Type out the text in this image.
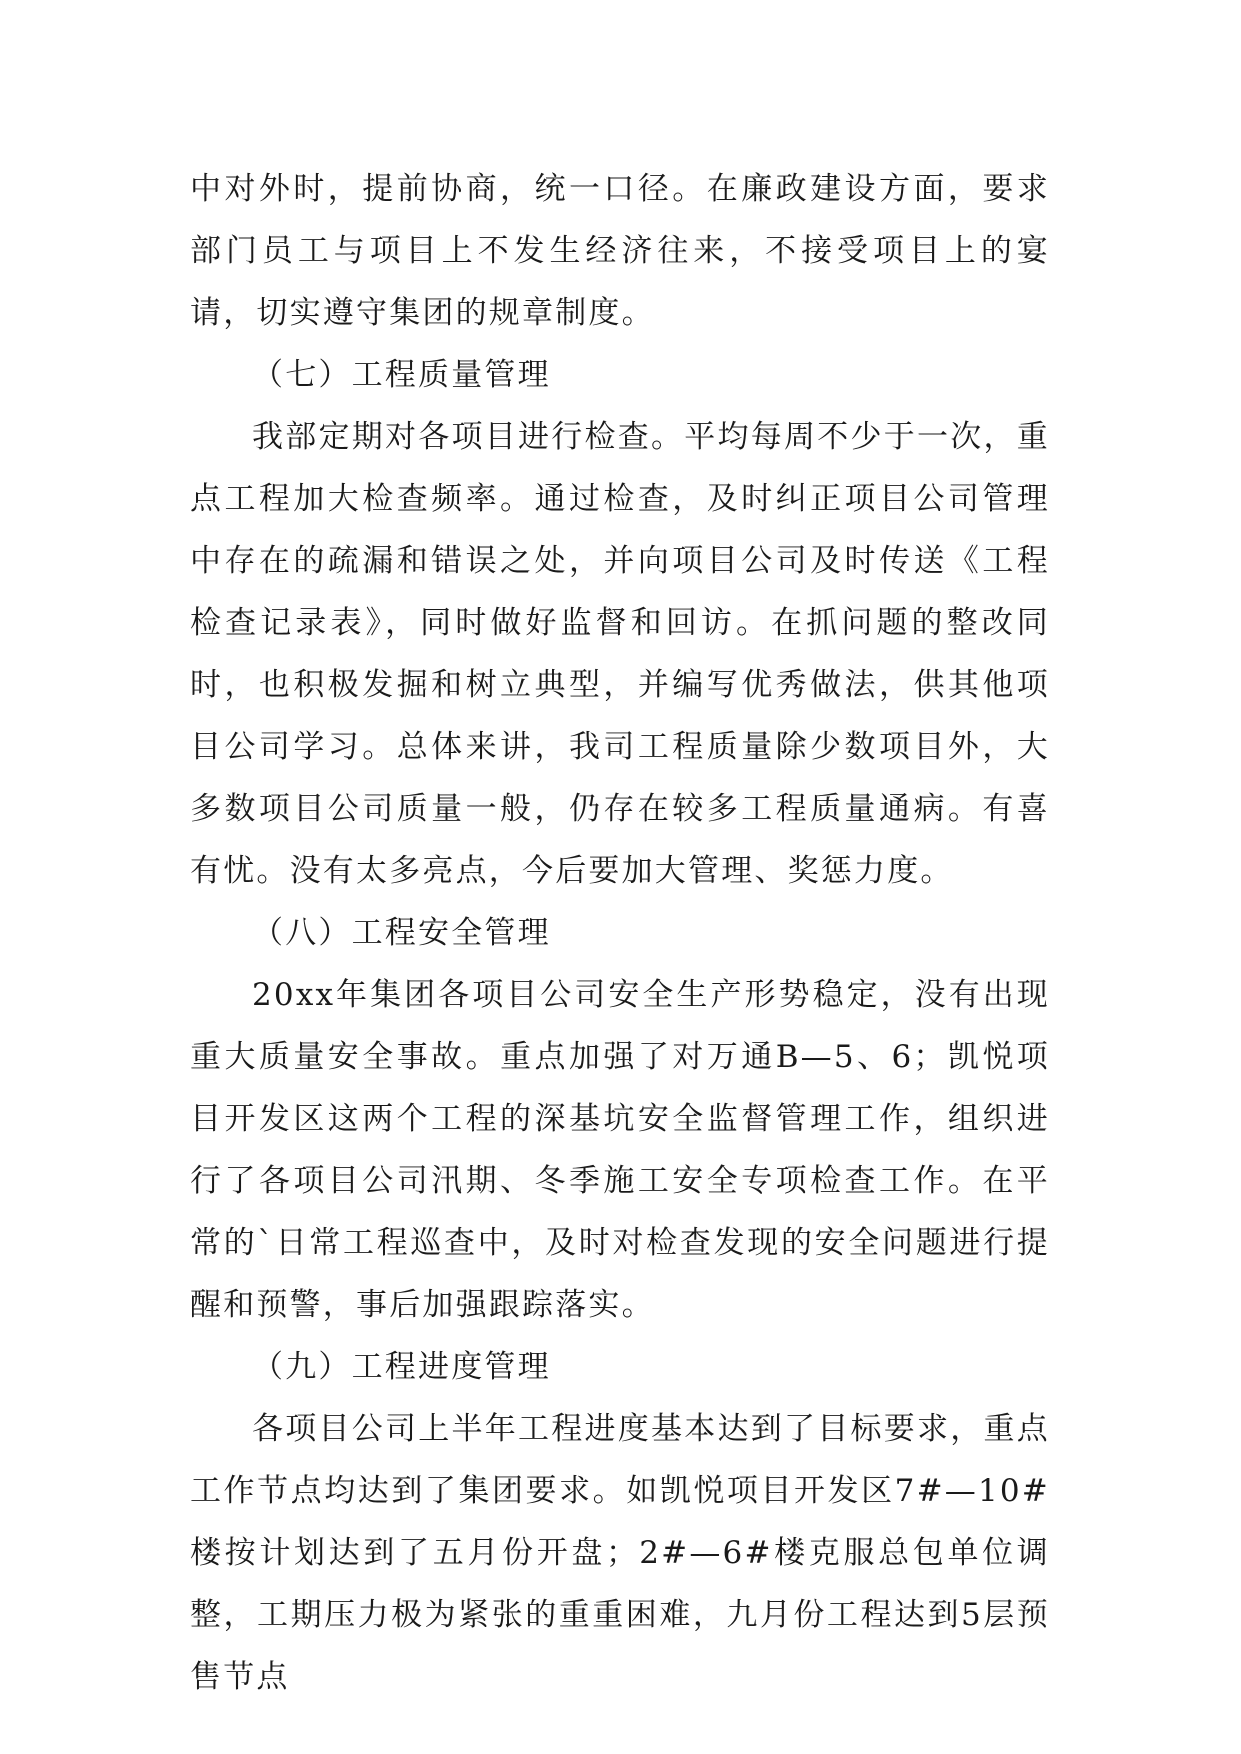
中对外时，提前协商，统一口径。在廉政建设方面，要求部门员工与项目上不发生经济往来，不接受项目上的宴请，切实遵守集团的规章制度。

（七）工程质量管理

我部定期对各项目进行检查。平均每周不少于一次，重点工程加大检查频率。通过检查，及时纠正项目公司管理中存在的疏漏和错误之处，并向项目公司及时传送《工程检查记录表》，同时做好监督和回访。在抓问题的整改同时，也积极发掘和树立典型，并编写优秀做法，供其他项目公司学习。总体来讲，我司工程质量除少数项目外，大多数项目公司质量一般，仍存在较多工程质量通病。有喜有忧。没有太多亮点，今后要加大管理、奖惩力度。

（八）工程安全管理

20xx年集团各项目公司安全生产形势稳定，没有出现重大质量安全事故。重点加强了对万通B—5、6；凯悦项目开发区这两个工程的深基坑安全监督管理工作，组织进行了各项目公司汛期、冬季施工安全专项检查工作。在平常的`日常工程巡查中，及时对检查发现的安全问题进行提醒和预警，事后加强跟踪落实。

（九）工程进度管理

各项目公司上半年工程进度基本达到了目标要求，重点工作节点均达到了集团要求。如凯悦项目开发区7#—10#楼按计划达到了五月份开盘；2#—6#楼克服总包单位调整，工期压力极为紧张的重重困难，九月份工程达到5层预售节点
